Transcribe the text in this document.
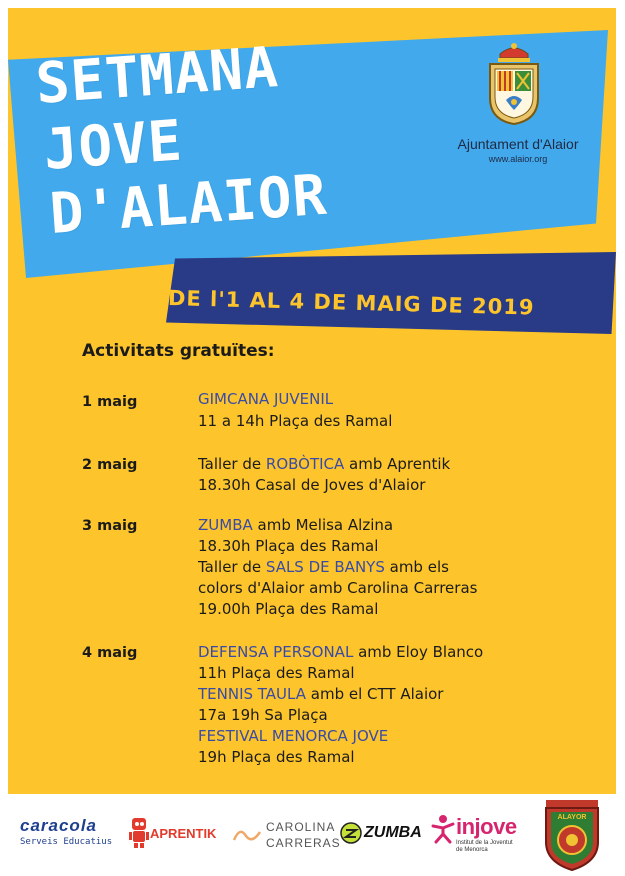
SETMANA
JOVE
D'ALAIOR
Ajuntament d'Alaior
www.alaior.org
DE l'1 AL 4 DE MAIG DE 2019
Activitats gratuïtes:
1 maig	GIMCANA JUVENIL
11 a 14h Plaça des Ramal
2 maig	Taller de ROBÒTICA amb Aprentik
18.30h Casal de Joves d'Alaior
3 maig	ZUMBA amb Melisa Alzina
18.30h Plaça des Ramal
Taller de SALS DE BANYS amb els
colors d'Alaior amb Carolina Carreras
19.00h Plaça des Ramal
4 maig	DEFENSA PERSONAL amb Eloy Blanco
11h Plaça des Ramal
TENNIS TAULA amb el CTT Alaior
17a 19h Sa Plaça
FESTIVAL MENORCA JOVE
19h Plaça des Ramal
caracola
Serveis Educatius
APRENTIK	CAROLINA
CARRERAS
ZUMBA injove
Institut de la Joventut
de Menorca
ALAYOR
